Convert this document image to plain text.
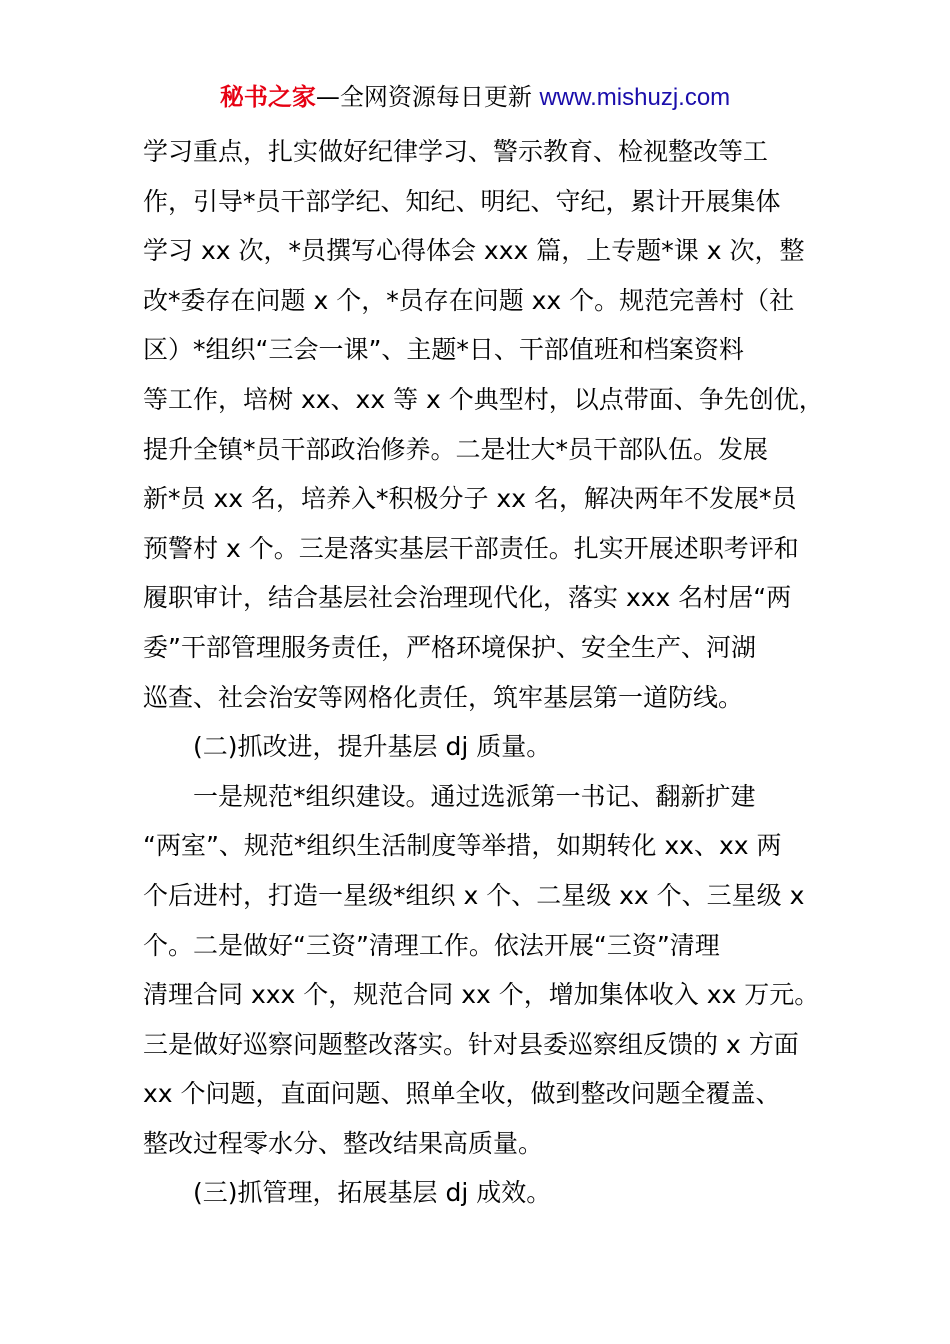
秘书之家—全网资源每日更新 www.mishuzj.com
学习重点，扎实做好纪律学习、警示教育、检视整改等工
作，引导*员干部学纪、知纪、明纪、守纪，累计开展集体
学习 xx 次，*员撰写心得体会 xxx 篇，上专题*课 x 次，整
改*委存在问题 x 个，*员存在问题 xx 个。规范完善村（社
区）*组织“三会一课”、主题*日、干部值班和档案资料
等工作，培树 xx、xx 等 x 个典型村，以点带面、争先创优，
提升全镇*员干部政治修养。二是壮大*员干部队伍。发展
新*员 xx 名，培养入*积极分子 xx 名，解决两年不发展*员
预警村 x 个。三是落实基层干部责任。扎实开展述职考评和
履职审计，结合基层社会治理现代化，落实 xxx 名村居“两
委”干部管理服务责任，严格环境保护、安全生产、河湖
巡查、社会治安等网格化责任，筑牢基层第一道防线。
(二)抓改进，提升基层 dj 质量。
一是规范*组织建设。通过选派第一书记、翻新扩建
“两室”、规范*组织生活制度等举措，如期转化 xx、xx 两
个后进村，打造一星级*组织 x 个、二星级 xx 个、三星级 x
个。二是做好“三资”清理工作。依法开展“三资”清理
清理合同 xxx 个，规范合同 xx 个，增加集体收入 xx 万元。
三是做好巡察问题整改落实。针对县委巡察组反馈的 x 方面
xx 个问题，直面问题、照单全收，做到整改问题全覆盖、
整改过程零水分、整改结果高质量。
(三)抓管理，拓展基层 dj 成效。
